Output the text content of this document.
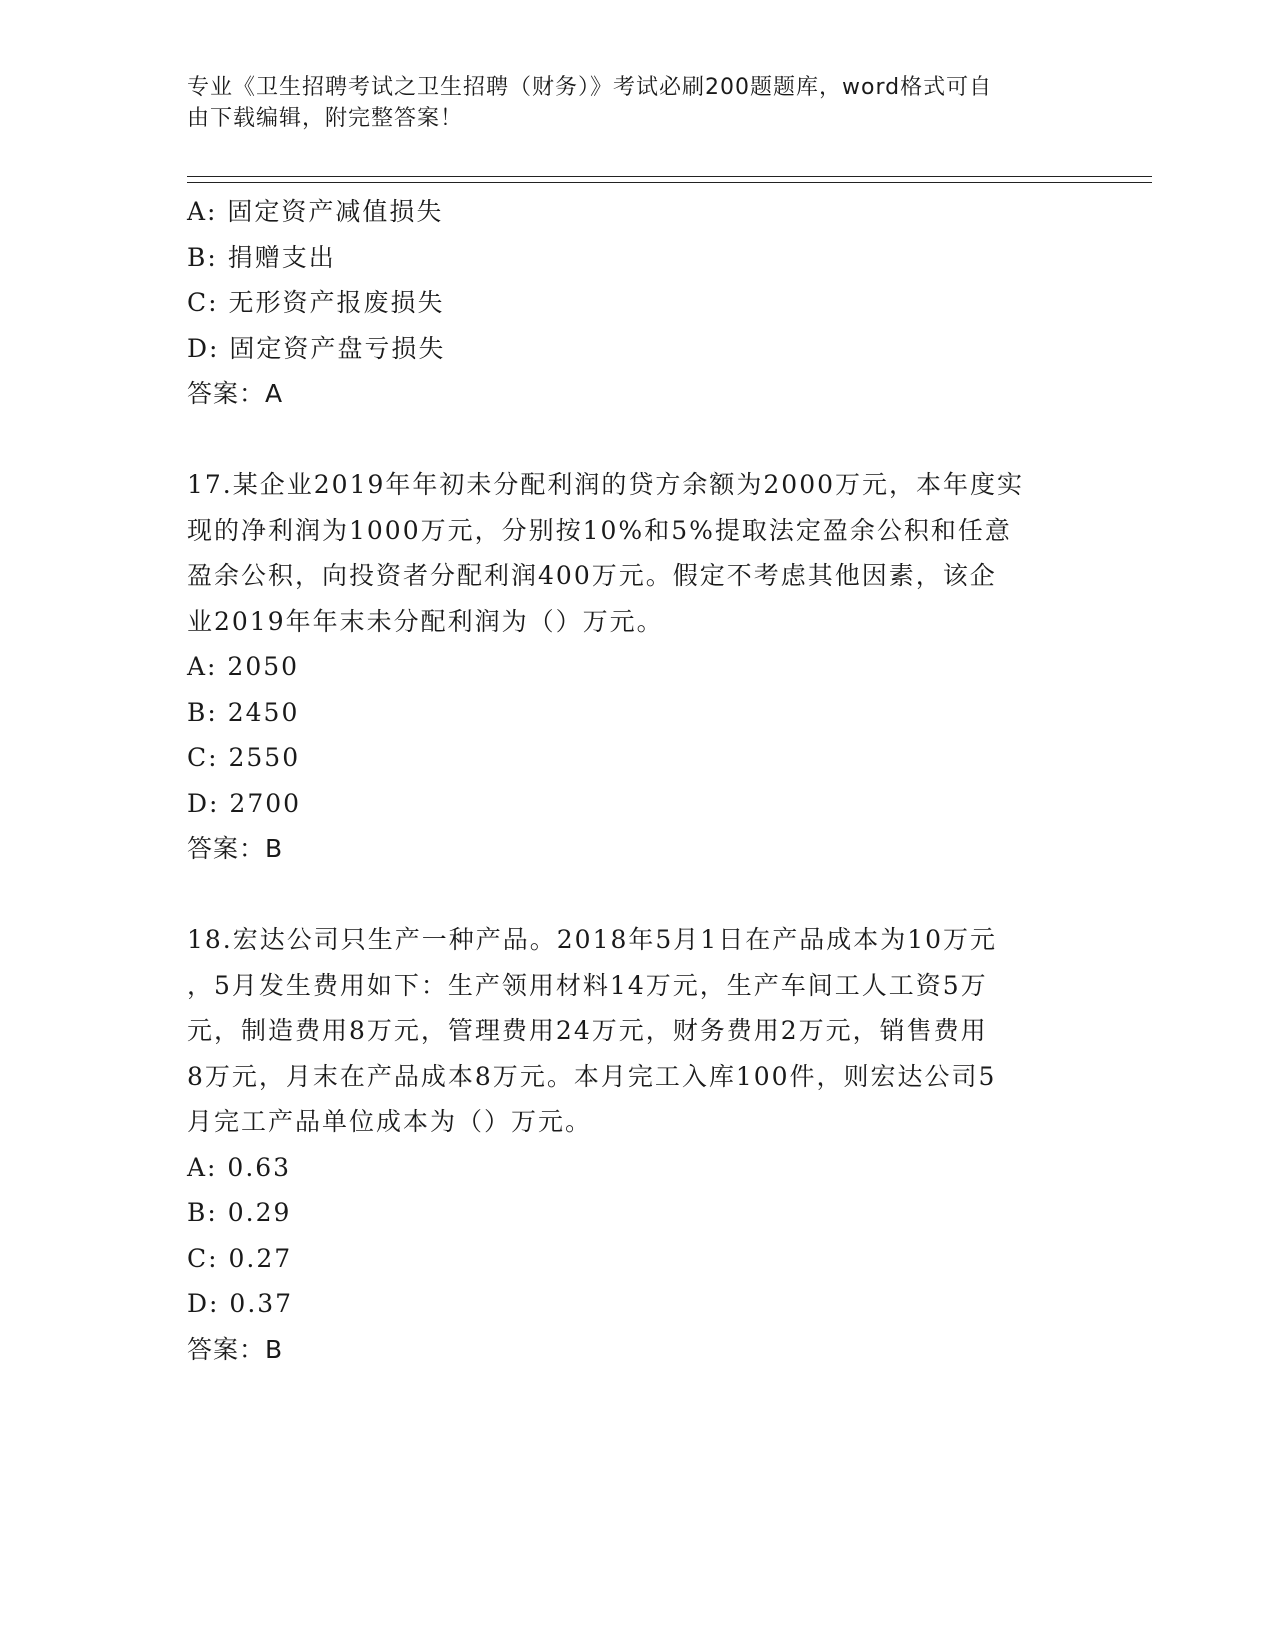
专业《卫生招聘考试之卫生招聘（财务）》考试必刷200题题库，word格式可自
由下载编辑，附完整答案！
A: 固定资产减值损失
B: 捐赠支出
C: 无形资产报废损失
D: 固定资产盘亏损失
答案：A
17.某企业2019年年初未分配利润的贷方余额为2000万元，本年度实
现的净利润为1000万元，分别按10%和5%提取法定盈余公积和任意
盈余公积，向投资者分配利润400万元。假定不考虑其他因素，该企
业2019年年末未分配利润为（）万元。
A: 2050
B: 2450
C: 2550
D: 2700
答案：B
18.宏达公司只生产一种产品。2018年5月1日在产品成本为10万元
，5月发生费用如下：生产领用材料14万元，生产车间工人工资5万
元，制造费用8万元，管理费用24万元，财务费用2万元，销售费用
8万元，月末在产品成本8万元。本月完工入库100件，则宏达公司5
月完工产品单位成本为（）万元。
A: 0.63
B: 0.29
C: 0.27
D: 0.37
答案：B
